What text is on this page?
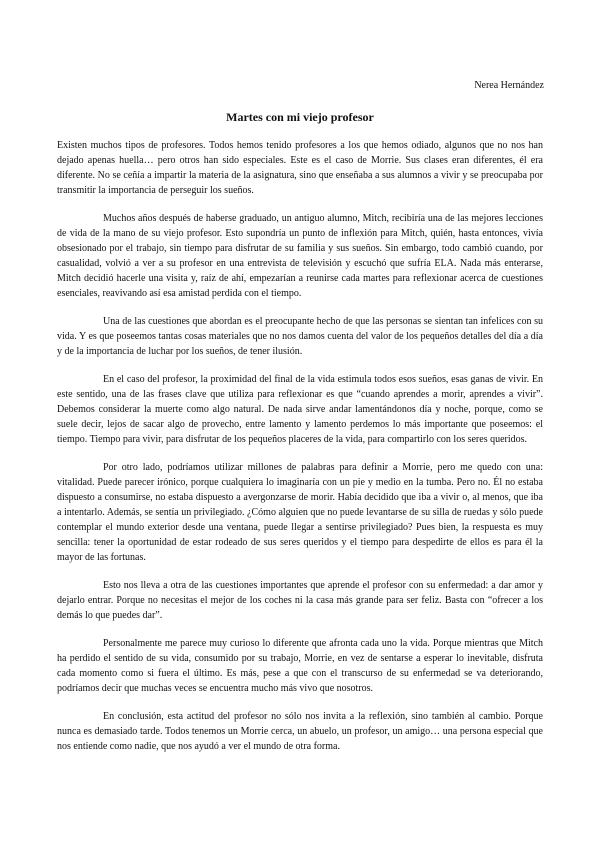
Nerea Hernández
Martes con mi viejo profesor

Existen muchos tipos de profesores. Todos hemos tenido profesores a los que hemos odiado, algunos que no nos han dejado apenas huella… pero otros han sido especiales. Este es el caso de Morrie. Sus clases eran diferentes, él era diferente. No se ceñía a impartir la materia de la asignatura, sino que enseñaba a sus alumnos a vivir y se preocupaba por transmitir la importancia de perseguir los sueños.

Muchos años después de haberse graduado, un antiguo alumno, Mitch, recibiría una de las mejores lecciones de vida de la mano de su viejo profesor. Esto supondría un punto de inflexión para Mitch, quién, hasta entonces, vivía obsesionado por el trabajo, sin tiempo para disfrutar de su familia y sus sueños. Sin embargo, todo cambió cuando, por casualidad, volvió a ver a su profesor en una entrevista de televisión y escuchó que sufría ELA. Nada más enterarse, Mitch decidió hacerle una visita y, raíz de ahí, empezarían a reunirse cada martes para reflexionar acerca de cuestiones esenciales, reavivando así esa amistad perdida con el tiempo.

Una de las cuestiones que abordan es el preocupante hecho de que las personas se sientan tan infelices con su vida. Y es que poseemos tantas cosas materiales que no nos damos cuenta del valor de los pequeños detalles del día a día y de la importancia de luchar por los sueños, de tener ilusión.

En el caso del profesor, la proximidad del final de la vida estimula todos esos sueños, esas ganas de vivir. En este sentido, una de las frases clave que utiliza para reflexionar es que “cuando aprendes a morir, aprendes a vivir”. Debemos considerar la muerte como algo natural. De nada sirve andar lamentándonos día y noche, porque, como se suele decir, lejos de sacar algo de provecho, entre lamento y lamento perdemos lo más importante que poseemos: el tiempo. Tiempo para vivir, para disfrutar de los pequeños placeres de la vida, para compartirlo con los seres queridos.

Por otro lado, podríamos utilizar millones de palabras para definir a Morrie, pero me quedo con una: vitalidad. Puede parecer irónico, porque cualquiera lo imaginaría con un pie y medio en la tumba. Pero no. Él no estaba dispuesto a consumirse, no estaba dispuesto a avergonzarse de morir. Había decidido que iba a vivir o, al menos, que iba a intentarlo. Además, se sentía un privilegiado. ¿Cómo alguien que no puede levantarse de su silla de ruedas y sólo puede contemplar el mundo exterior desde una ventana, puede llegar a sentirse privilegiado? Pues bien, la respuesta es muy sencilla: tener la oportunidad de estar rodeado de sus seres queridos y el tiempo para despedirte de ellos es para él la mayor de las fortunas.

Esto nos lleva a otra de las cuestiones importantes que aprende el profesor con su enfermedad: a dar amor y dejarlo entrar. Porque no necesitas el mejor de los coches ni la casa más grande para ser feliz. Basta con “ofrecer a los demás lo que puedes dar”.

Personalmente me parece muy curioso lo diferente que afronta cada uno la vida. Porque mientras que Mitch ha perdido el sentido de su vida, consumido por su trabajo, Morrie, en vez de sentarse a esperar lo inevitable, disfruta cada momento como si fuera el último. Es más, pese a que con el transcurso de su enfermedad se va deteriorando, podríamos decir que muchas veces se encuentra mucho más vivo que nosotros.

En conclusión, esta actitud del profesor no sólo nos invita a la reflexión, sino también al cambio. Porque nunca es demasiado tarde. Todos tenemos un Morrie cerca, un abuelo, un profesor, un amigo… una persona especial que nos entiende como nadie, que nos ayudó a ver el mundo de otra forma.
